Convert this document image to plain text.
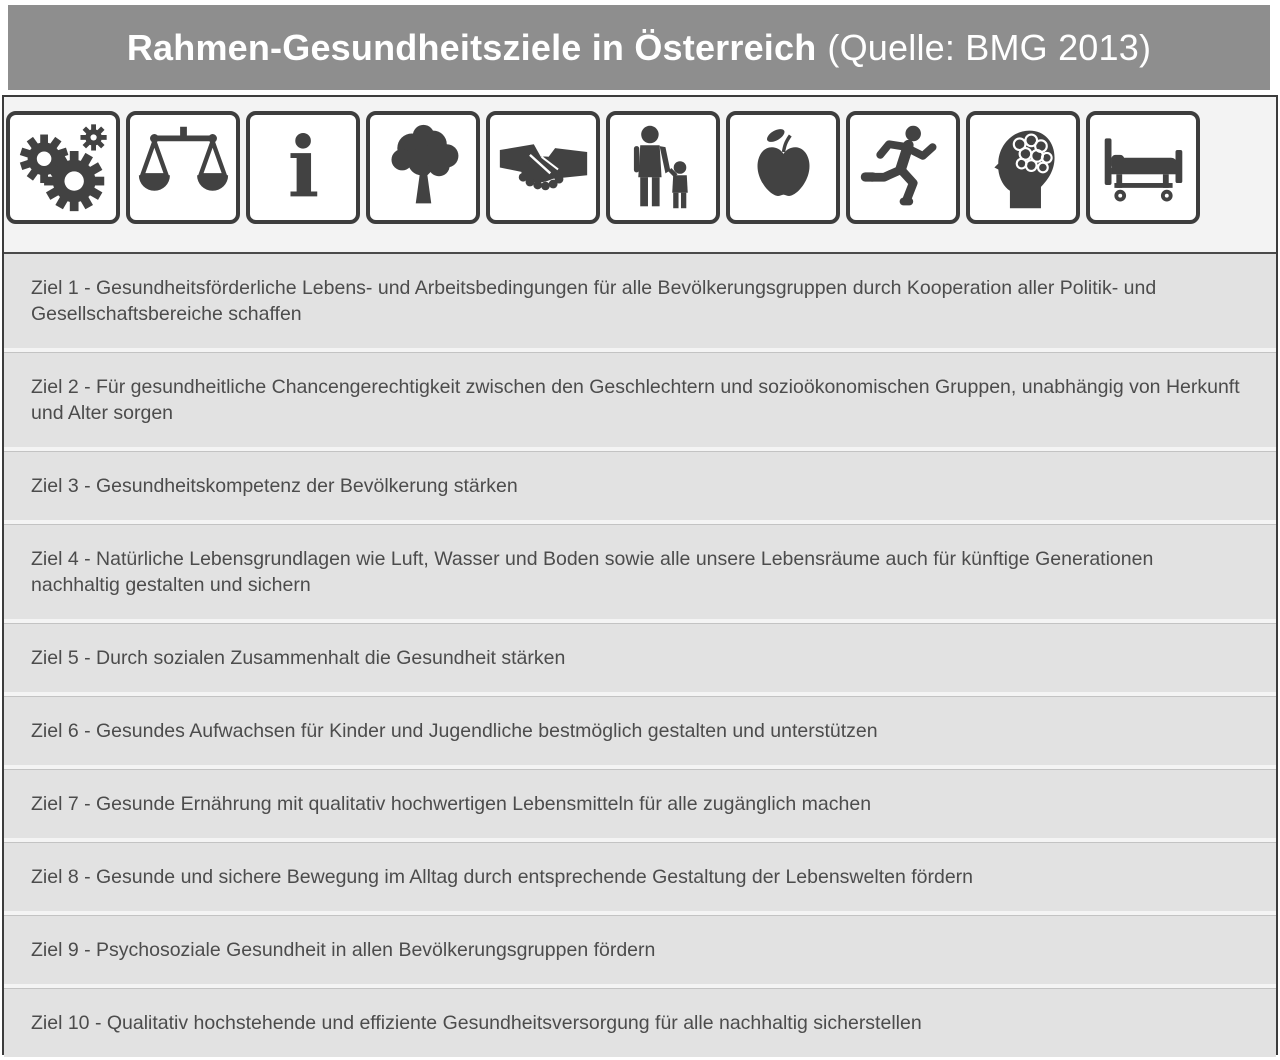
Rahmen-Gesundheitsziele in Österreich (Quelle: BMG 2013)
i

Ziel 1 - Gesundheitsförderliche Lebens- und Arbeitsbedingungen für alle Bevölkerungsgruppen durch Kooperation aller Politik- und Gesellschaftsbereiche schaffen

Ziel 2 - Für gesundheitliche Chancengerechtigkeit zwischen den Geschlechtern und sozioökonomischen Gruppen, unabhängig von Herkunft und Alter sorgen

Ziel 3 - Gesundheitskompetenz der Bevölkerung stärken

Ziel 4 - Natürliche Lebensgrundlagen wie Luft, Wasser und Boden sowie alle unsere Lebensräume auch für künftige Generationen nachhaltig gestalten und sichern

Ziel 5 - Durch sozialen Zusammenhalt die Gesundheit stärken

Ziel 6 - Gesundes Aufwachsen für Kinder und Jugendliche bestmöglich gestalten und unterstützen

Ziel 7 - Gesunde Ernährung mit qualitativ hochwertigen Lebensmitteln für alle zugänglich machen

Ziel 8 - Gesunde und sichere Bewegung im Alltag durch entsprechende Gestaltung der Lebenswelten fördern

Ziel 9 - Psychosoziale Gesundheit in allen Bevölkerungsgruppen fördern

Ziel 10 - Qualitativ hochstehende und effiziente Gesundheitsversorgung für alle nachhaltig sicherstellen
